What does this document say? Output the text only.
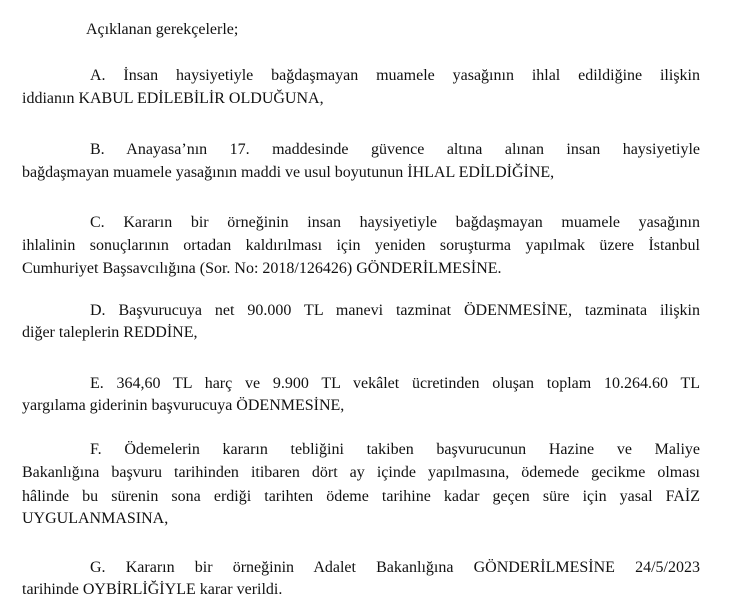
Açıklanan gerekçelerle;
A. İnsan haysiyetiyle bağdaşmayan muamele yasağının ihlal edildiğine ilişkin
iddianın KABUL EDİLEBİLİR OLDUĞUNA,
B. Anayasa’nın 17. maddesinde güvence altına alınan insan haysiyetiyle
bağdaşmayan muamele yasağının maddi ve usul boyutunun İHLAL EDİLDİĞİNE,
C. Kararın bir örneğinin insan haysiyetiyle bağdaşmayan muamele yasağının
ihlalinin sonuçlarının ortadan kaldırılması için yeniden soruşturma yapılmak üzere İstanbul
Cumhuriyet Başsavcılığına (Sor. No: 2018/126426) GÖNDERİLMESİNE.
D. Başvurucuya net 90.000 TL manevi tazminat ÖDENMESİNE, tazminata ilişkin
diğer taleplerin REDDİNE,
E. 364,60 TL harç ve 9.900 TL vekâlet ücretinden oluşan toplam 10.264.60 TL
yargılama giderinin başvurucuya ÖDENMESİNE,
F. Ödemelerin kararın tebliğini takiben başvurucunun Hazine ve Maliye
Bakanlığına başvuru tarihinden itibaren dört ay içinde yapılmasına, ödemede gecikme olması
hâlinde bu sürenin sona erdiği tarihten ödeme tarihine kadar geçen süre için yasal FAİZ
UYGULANMASINA,
G. Kararın bir örneğinin Adalet Bakanlığına GÖNDERİLMESİNE 24/5/2023
tarihinde OYBİRLİĞİYLE karar verildi.
